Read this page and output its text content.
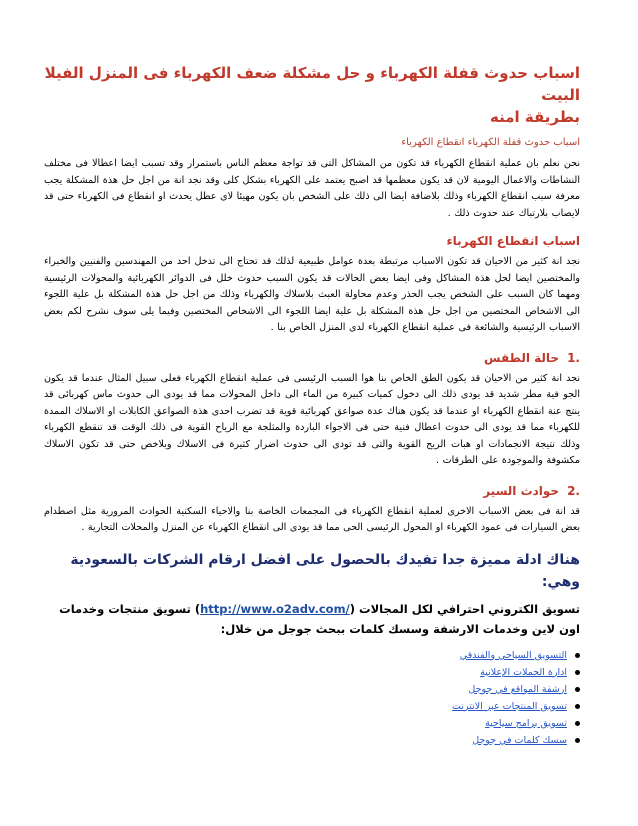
اسباب حدوث قفلة الكهرباء و حل مشكلة ضعف الكهرباء فى المنزل الفيلا البيت
بطريقة امنه

اسباب حدوث قفلة الكهرباء انقطاع الكهرباء

نحن نعلم بان عملية انقطاع الكهرباء قد تكون من المشاكل التى قد تواجة معظم الناس باستمرار وقد تسبب ايضا اعطالا فى مختلف النشاطات والاعمال اليومية لان قد يكون معظمها قد اصبح يعتمد على الكهرباء بشكل كلى وقد نجد انة من اجل حل هذة المشكلة يجب معرفة سبب انقطاع الكهرباء وذلك بلاضافة ايضا الى ذلك على الشخص بان يكون مهيئا لاى عطل يحدث او انقطاع فى الكهرباء حتى قد لايصاب بلارتباك عند حدوث ذلك .

اسباب انقطاع الكهرباء

نجد انة كثير من الاحيان قد تكون الاسباب مرتبطة بعدة عوامل طبيعية لذلك قد تحتاج الى تدخل احد من المهندسين والفنيين والخبراء والمختصين ايضا لحل هذة المشاكل وفى ايضا بعض الحالات قد يكون السبب حدوث خلل فى الدوائر الكهربائية والمحولات الرئيسية ومهما كان السبب على الشخص يجب الحذر وعدم محاولة العبث بلاسلاك والكهرباء وذلك من اجل حل هذة المشكلة بل علية اللجوء الى الاشخاص المختصين من اجل حل هذة المشكلة بل علية ايضا اللجوء الى الاشخاص المختصين وفيما يلى سوف نشرح لكم بعض الاسباب الرئيسية والشائعة فى عملية انقطاع الكهرباء لدى المنزل الخاص بنا .

1.
حالة الطقس

نجد انة كثير من الاحيان قد يكون الطق الخاص بنا هوا السبب الرئيسى فى عملية انقطاع الكهرباء فعلى سبيل المثال عندما قد يكون الجو فية مطر شديد قد يودى ذلك الى دخول كميات كبيرة من الماء الى داخل المحولات مما قد يودى الى حدوث ماس كهربائى قد ينتج عنة انقطاع الكهرباء او عندما قد يكون هناك عدة صواعق كهربائية قوية قد تضرب احدى هذة الصواعق الكابلات او الاسلاك الممدة للكهرباء مما قد يودى الى حدوث اعطال فنية حتى فى الاجواء الباردة والمثلجة مع الرياح القوية فى ذلك الوقت قد تنقطع الكهرباء وذلك نتيجة الانجمادات او هبات الريح القوية والتى قد تودى الى حدوث اضرار كثيرة فى الاسلاك وبلاخص حتى قد تكون الاسلاك مكشوفة والموجودة على الطرقات .

2.
حوادث السير

قد انة فى بعض الاسباب الاخرى لعملية انقطاع الكهرباء فى المجمعات الخاصة بنا والاحياء السكنية الحوادث المرورية مثل اصطدام بعض السيارات فى عمود الكهرباء او المحول الرئيسى الحى مما قد يودى الى انقطاع الكهرباء عن المنزل والمحلات التجارية .

هناك ادلة مميزة جدا تفيدك بالحصول على افضل ارقام الشركات بالسعودية وهي:

تسويق الكتروني احترافي لكل المجالات (http://www.o2adv.com/) تسويق منتجات وخدمات

اون لاين وخدمات الارشفة وسسك كلمات ببحث جوجل من خلال:

التسويق السياحي والفندقي
ادارة الحملات الإعلانية
ارشفة المواقع في جوجل
تسويق المنتجات عبر الانترنت
تسويق برامج سياحية
سسك كلمات في جوجل
